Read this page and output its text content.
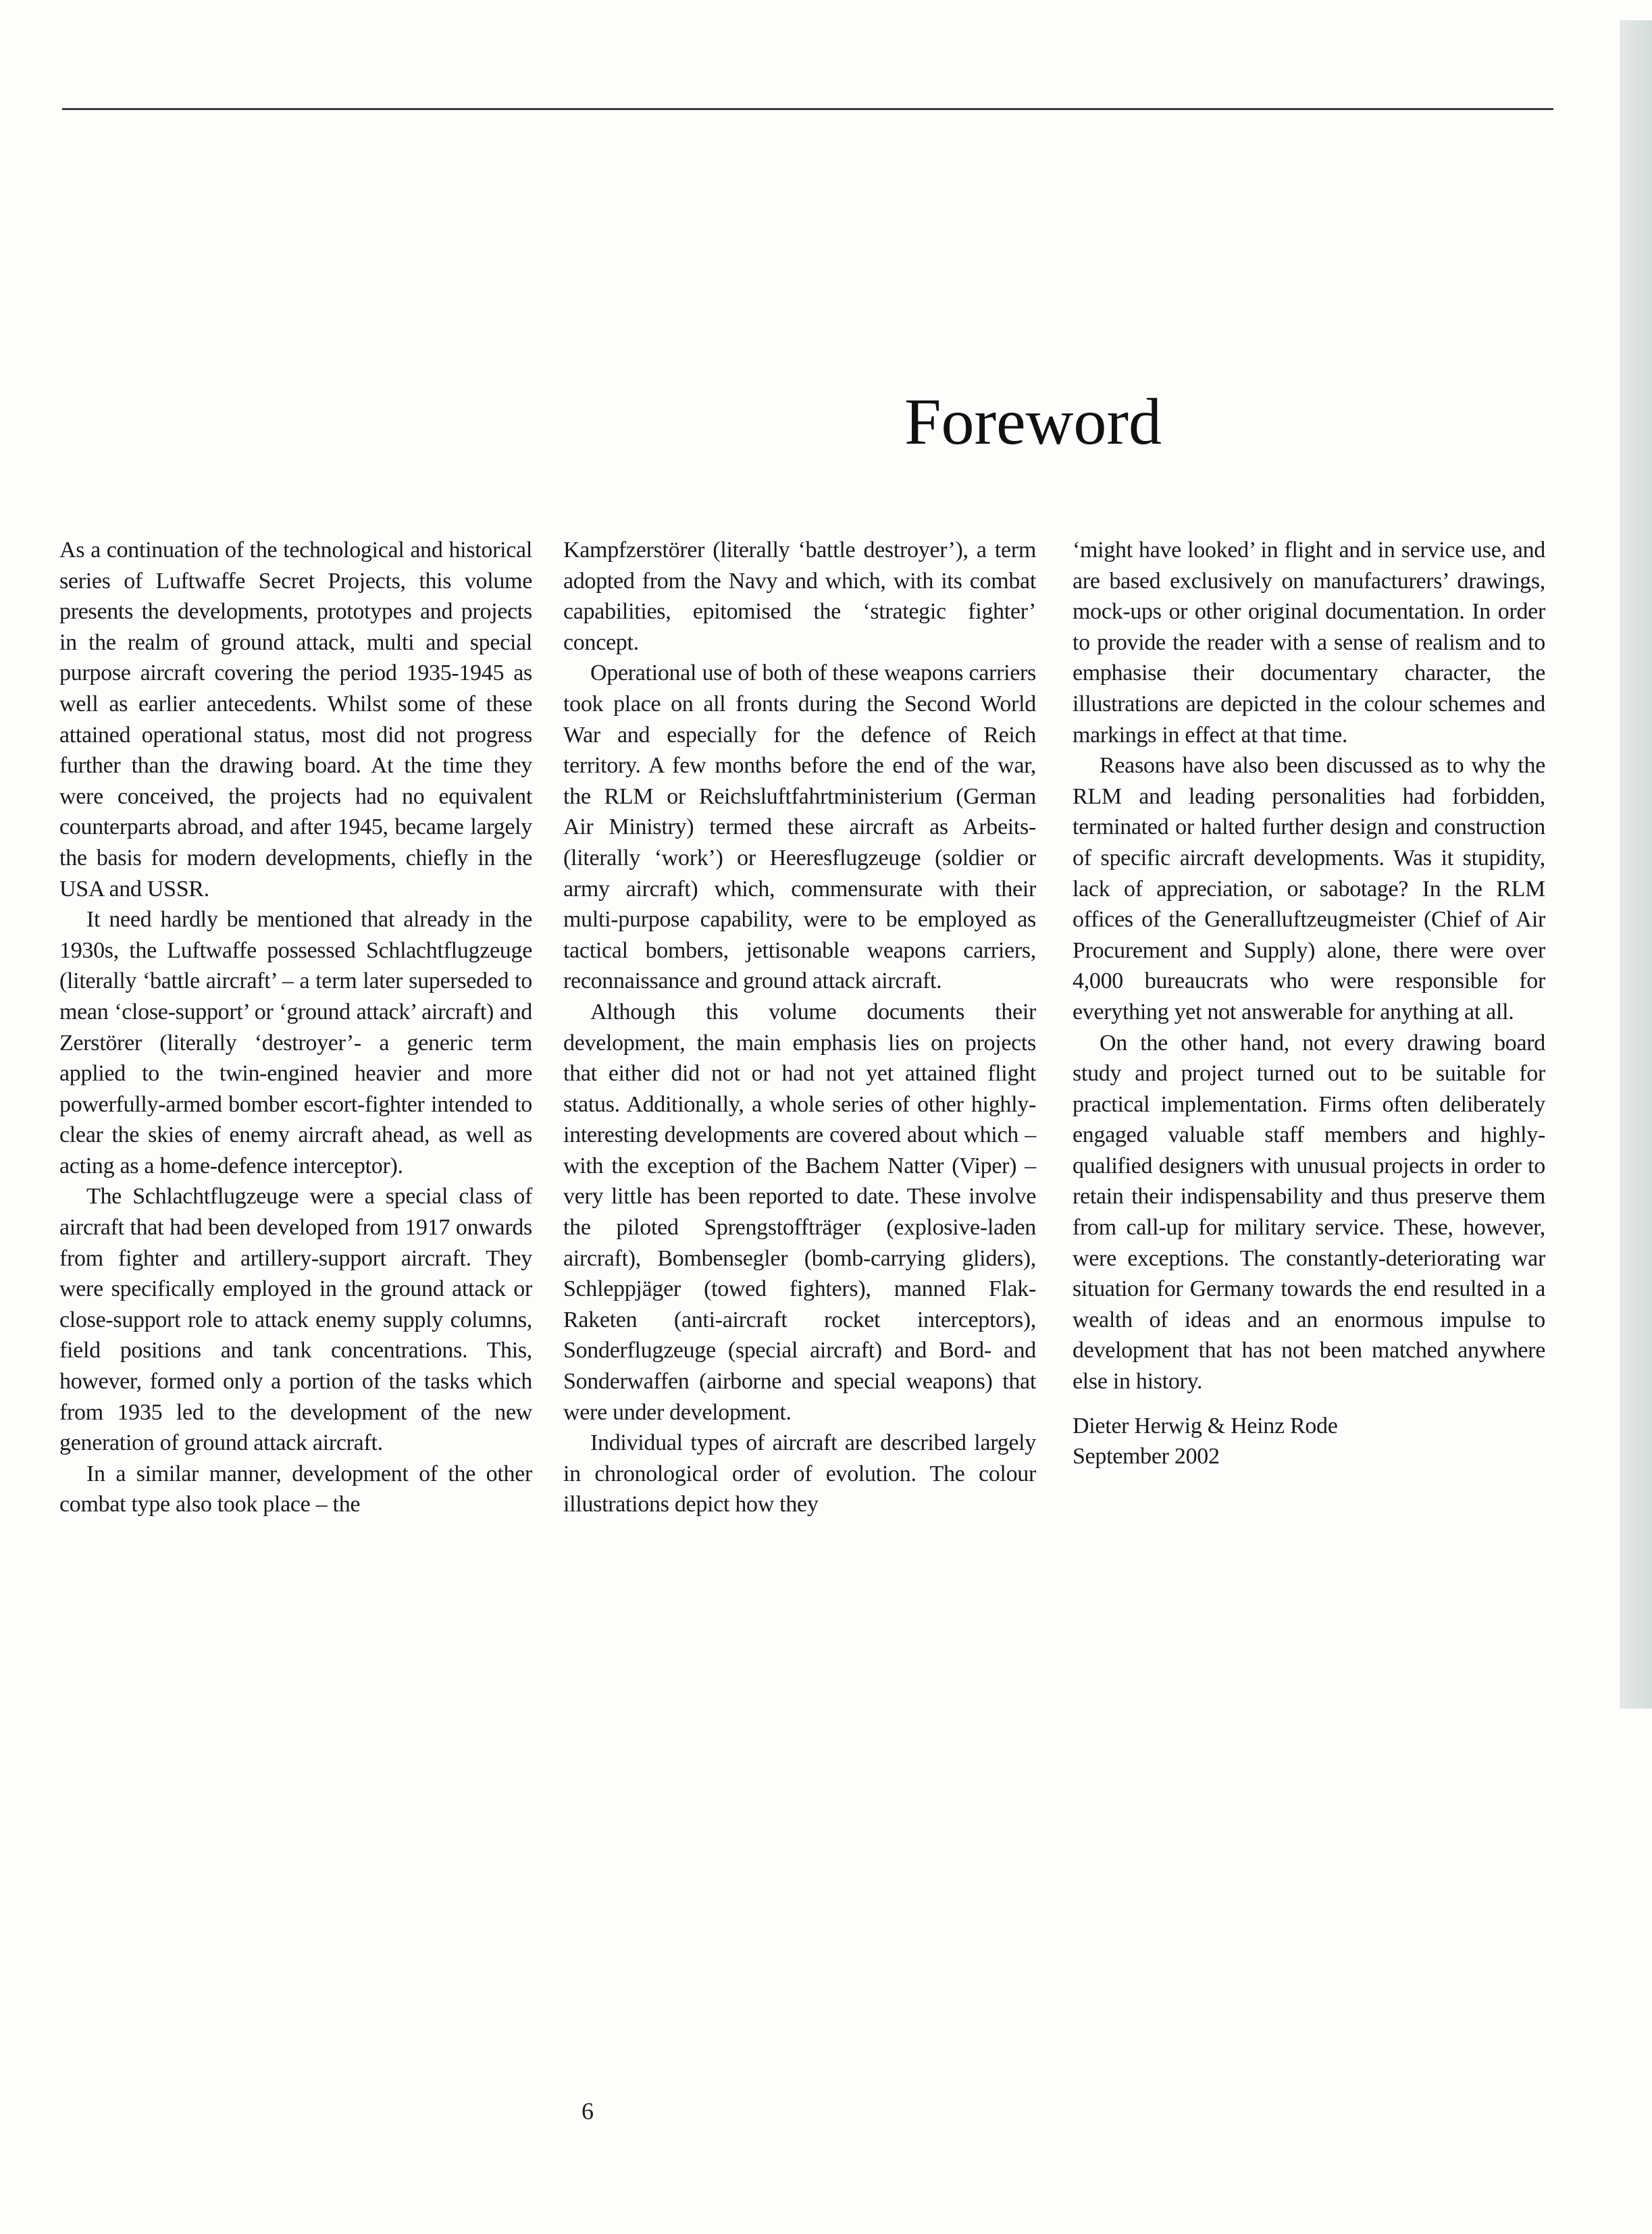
Foreword

As a continuation of the technological and historical series of Luftwaffe Secret Projects, this volume presents the developments, prototypes and projects in the realm of ground attack, multi and special purpose aircraft covering the period 1935-1945 as well as earlier antecedents. Whilst some of these attained operational status, most did not progress further than the drawing board. At the time they were conceived, the projects had no equivalent counterparts abroad, and after 1945, became largely the basis for modern developments, chiefly in the USA and USSR.

It need hardly be mentioned that already in the 1930s, the Luftwaffe possessed Schlachtflugzeuge (literally ‘battle aircraft’ – a term later superseded to mean ‘close-support’ or ‘ground attack’ aircraft) and Zerstörer (literally ‘destroyer’- a generic term applied to the twin-engined heavier and more powerfully-armed bomber escort-fighter intended to clear the skies of enemy aircraft ahead, as well as acting as a home-defence interceptor).

The Schlachtflugzeuge were a special class of aircraft that had been developed from 1917 onwards from fighter and artillery-support aircraft. They were specifically employed in the ground attack or close-support role to attack enemy supply columns, field positions and tank concentrations. This, however, formed only a portion of the tasks which from 1935 led to the development of the new generation of ground attack aircraft.

In a similar manner, development of the other combat type also took place – the

Kampfzerstörer (literally ‘battle destroyer’), a term adopted from the Navy and which, with its combat capabilities, epitomised the ‘strategic fighter’ concept.

Operational use of both of these weapons carriers took place on all fronts during the Second World War and especially for the defence of Reich territory. A few months before the end of the war, the RLM or Reichsluftfahrtministerium (German Air Ministry) termed these aircraft as Arbeits- (literally ‘work’) or Heeresflugzeuge (soldier or army aircraft) which, commensurate with their multi-purpose capability, were to be employed as tactical bombers, jettisonable weapons carriers, reconnaissance and ground attack aircraft.

Although this volume documents their development, the main emphasis lies on projects that either did not or had not yet attained flight status. Additionally, a whole series of other highly-interesting developments are covered about which – with the exception of the Bachem Natter (Viper) – very little has been reported to date. These involve the piloted Sprengstoffträger (explosive-laden aircraft), Bombensegler (bomb-carrying gliders), Schleppjäger (towed fighters), manned Flak-Raketen (anti-aircraft rocket interceptors), Sonderflugzeuge (special aircraft) and Bord- and Sonderwaffen (airborne and special weapons) that were under development.

Individual types of aircraft are described largely in chronological order of evolution. The colour illustrations depict how they

‘might have looked’ in flight and in service use, and are based exclusively on manufacturers’ drawings, mock-ups or other original documentation. In order to provide the reader with a sense of realism and to emphasise their documentary character, the illustrations are depicted in the colour schemes and markings in effect at that time.

Reasons have also been discussed as to why the RLM and leading personalities had forbidden, terminated or halted further design and construction of specific aircraft developments. Was it stupidity, lack of appreciation, or sabotage? In the RLM offices of the Generalluftzeugmeister (Chief of Air Procurement and Supply) alone, there were over 4,000 bureaucrats who were responsible for everything yet not answerable for anything at all.

On the other hand, not every drawing board study and project turned out to be suitable for practical implementation. Firms often deliberately engaged valuable staff members and highly-qualified designers with unusual projects in order to retain their indispensability and thus preserve them from call-up for military service. These, however, were exceptions. The constantly-deteriorating war situation for Germany towards the end resulted in a wealth of ideas and an enormous impulse to development that has not been matched anywhere else in history.

Dieter Herwig & Heinz Rode
September 2002
6
